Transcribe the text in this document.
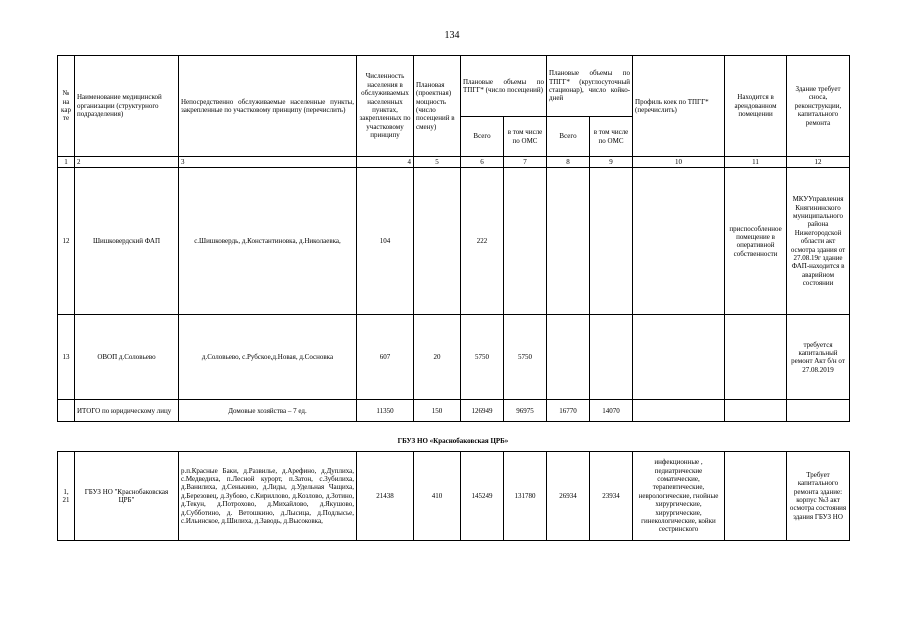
134
№ на карте	Наименование медицинской организации (структурного подразделения)	Непосредственно обслуживаемые населенные пункты, закрепленные по участковому принципу (перечислить)	Численность населения в обслуживаемых населенных пунктах, закрепленных по участковому принципу	Плановая (проектная) мощность (число посещений в смену)	Плановые объемы по ТПГГ* (число посещений)		Плановые объемы по ТПГГ* (круглосуточный стационар), число койко-дней		Профиль коек по ТПГГ* (перечислить)	Находится в арендованном помещении	Здание требует сноса, реконструкции, капитального ремонта
					Всего	в том числе по ОМС	Всего	в том числе по ОМС			
1	2	3	4	5	6	7	8	9	10	11	12
12	Шишковердский ФАП	с.Шишковердь, д.Константиновка, д.Николаевка,	104		222					приспособленное помещение в оперативной собственности	МКУУправления Княгининского муниципального района Нижегородской области акт осмотра здания от 27.08.19г здание ФАП-находится в аварийном состоянии
13	ОВОП д.Соловьево	д.Соловьево, с.Рубское,д.Новая, д.Сосновка	607	20	5750	5750					требуется капитальный ремонт Акт б/н от 27.08.2019
	ИТОГО по юридическому лицу	Домовые хозяйства – 7 ед.	11350	150	126949	96975	16770	14070			
ГБУЗ НО «Краснобаковская ЦРБ»
1, 21	ГБУЗ НО "Краснобаковская ЦРБ"	р.п.Красные Баки, д.Развилье, д.Арефино, д.Дуплиха, с.Медведиха, п.Лесной курорт, п.Затон, с.Зубилиха, д.Ванилиха, д.Сенькино, д.Лиды, д.Удельная Чащиха, д.Березовец, д.Зубово, с.Кириллово, д.Козлово, д.Зотино, д.Текун, д.Потрохово, д.Михайлово, д.Якушово, д.Субботино, д. Ветошкино, д.Лысица, д.Подлысье, с.Ильинское, д.Шилиха, д.Заводь, д.Высоковка,	21438	410	145249	131780	26934	23934	инфекционные , педиатрические соматические, терапевтические, неврологические, гнойные хирургические, хирургические, гинекологические, койки сестринского		Требует капитального ремонта здание: корпус №3 акт осмотра состояния здания ГБУЗ НО
